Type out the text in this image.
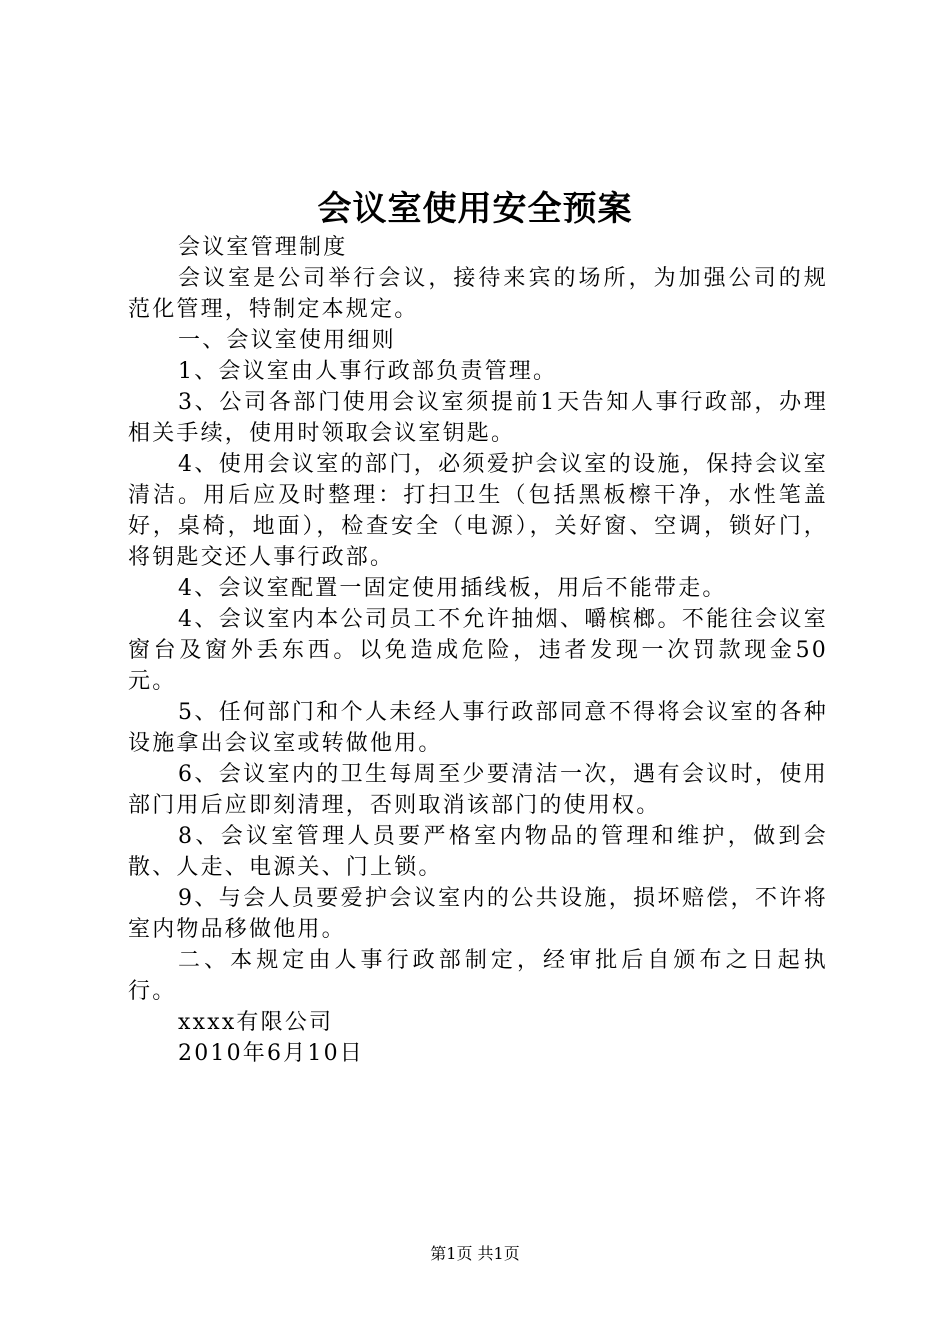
会议室使用安全预案

会议室管理制度

会议室是公司举行会议，接待来宾的场所，为加强公司的规范化管理，特制定本规定。

一、会议室使用细则

1、会议室由人事行政部负责管理。

3、公司各部门使用会议室须提前1天告知人事行政部，办理相关手续，使用时领取会议室钥匙。

4、使用会议室的部门，必须爱护会议室的设施，保持会议室清洁。用后应及时整理：打扫卫生（包括黑板檫干净，水性笔盖好，桌椅，地面），检查安全（电源），关好窗、空调，锁好门，将钥匙交还人事行政部。

4、会议室配置一固定使用插线板，用后不能带走。

4、会议室内本公司员工不允许抽烟、嚼槟榔。不能往会议室窗台及窗外丢东西。以免造成危险，违者发现一次罚款现金50元。

5、任何部门和个人未经人事行政部同意不得将会议室的各种设施拿出会议室或转做他用。

6、会议室内的卫生每周至少要清洁一次，遇有会议时，使用部门用后应即刻清理，否则取消该部门的使用权。

8、会议室管理人员要严格室内物品的管理和维护，做到会散、人走、电源关、门上锁。

9、与会人员要爱护会议室内的公共设施，损坏赔偿，不许将室内物品移做他用。

二、本规定由人事行政部制定，经审批后自颁布之日起执行。

xxxx有限公司

2010年6月10日

第1页 共1页
